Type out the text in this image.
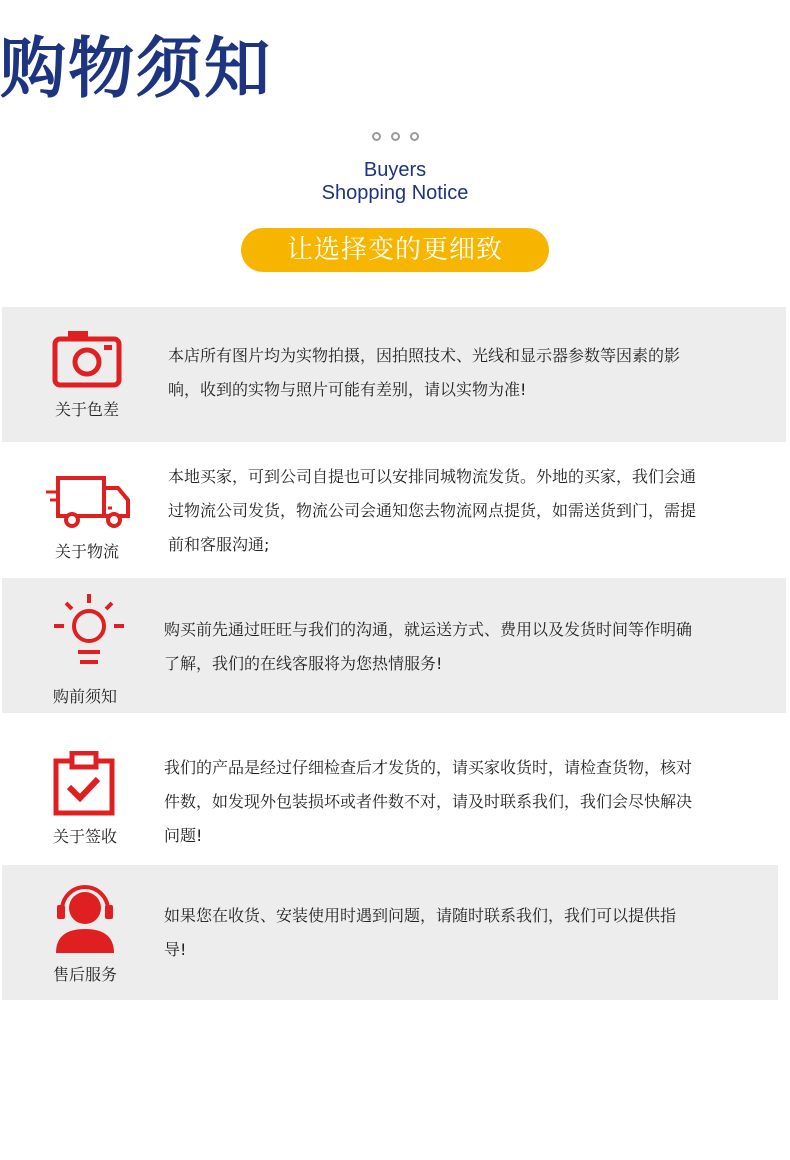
购物须知
Buyers
Shopping Notice
让选择变的更细致
关于色差
本店所有图片均为实物拍摄，因拍照技术、光线和显示器参数等因素的影响，收到的实物与照片可能有差别，请以实物为准!
关于物流
本地买家，可到公司自提也可以安排同城物流发货。外地的买家，我们会通过物流公司发货，物流公司会通知您去物流网点提货，如需送货到门，需提前和客服沟通;
购前须知
购买前先通过旺旺与我们的沟通，就运送方式、费用以及发货时间等作明确了解，我们的在线客服将为您热情服务!
关于签收
我们的产品是经过仔细检查后才发货的，请买家收货时，请检查货物，核对件数，如发现外包装损坏或者件数不对，请及时联系我们，我们会尽快解决问题!
售后服务
如果您在收货、安装使用时遇到问题，请随时联系我们，我们可以提供指导!
